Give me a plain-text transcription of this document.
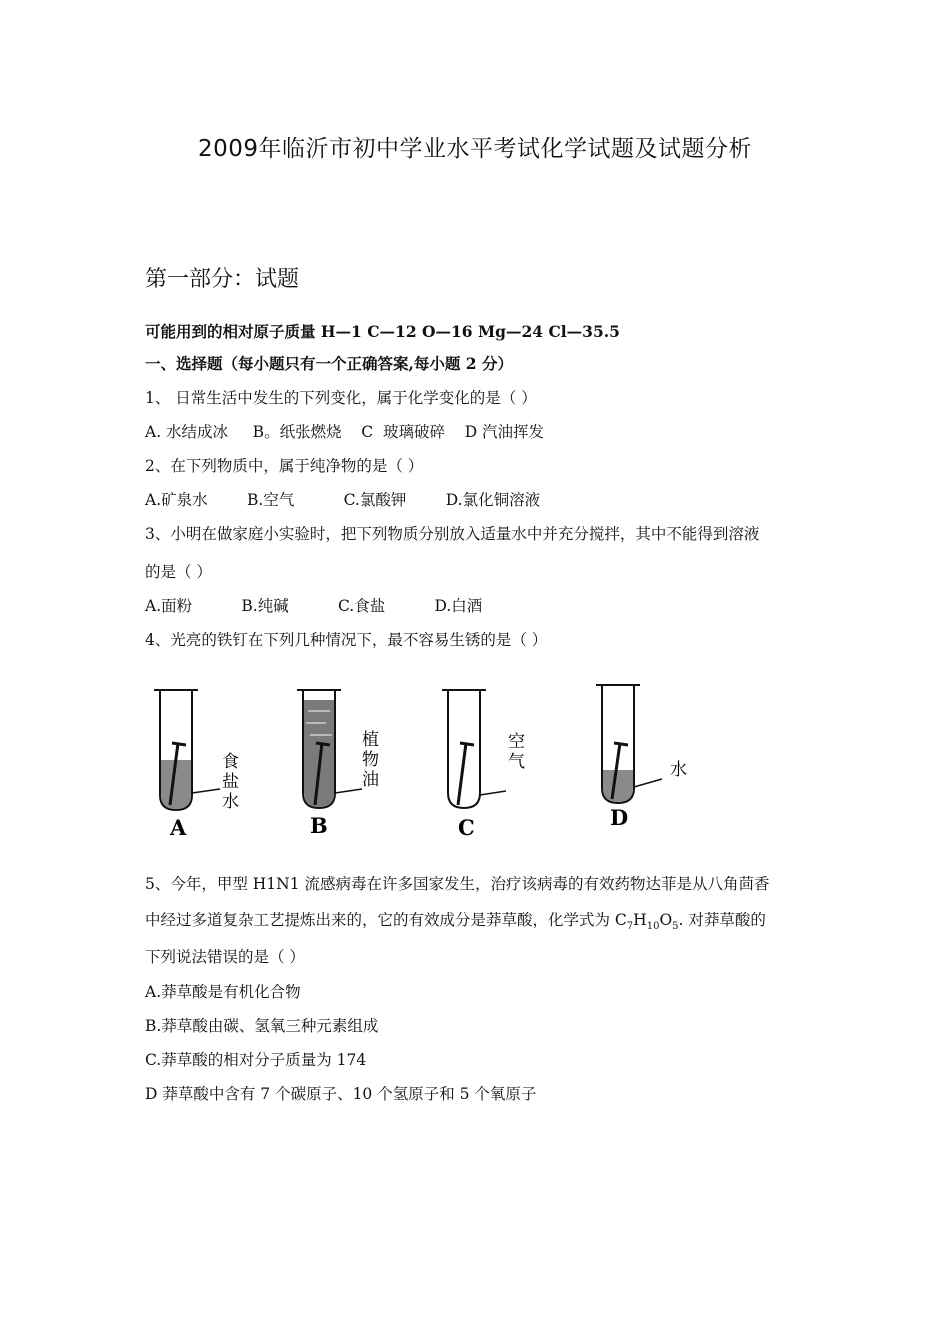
2009年临沂市初中学业水平考试化学试题及试题分析
第一部分：试题
可能用到的相对原子质量 H—1 C—12 O—16 Mg—24 Cl—35.5
一、选择题（每小题只有一个正确答案,每小题 2 分）
1、 日常生活中发生的下列变化，属于化学变化的是（ ）
A. 水结成冰     B。纸张燃烧    C  玻璃破碎    D 汽油挥发
2、在下列物质中，属于纯净物的是（ ）
A.矿泉水        B.空气          C.氯酸钾        D.氯化铜溶液
3、小明在做家庭小实验时，把下列物质分别放入适量水中并充分搅拌，其中不能得到溶液
的是（ ）
A.面粉          B.纯碱          C.食盐          D.白酒
4、光亮的铁钉在下列几种情况下，最不容易生锈的是（ ）
食
盐
水
A
植
物
油
B
空
气
C
水
D
5、今年，甲型 H1N1 流感病毒在许多国家发生，治疗该病毒的有效药物达菲是从八角茴香
中经过多道复杂工艺提炼出来的，它的有效成分是莽草酸，化学式为 $C_7H_{10}O_5$. 对莽草酸的
下列说法错误的是（ ）
A.莽草酸是有机化合物
B.莽草酸由碳、氢氧三种元素组成
C.莽草酸的相对分子质量为 174
D 莽草酸中含有 7 个碳原子、10 个氢原子和 5 个氧原子
